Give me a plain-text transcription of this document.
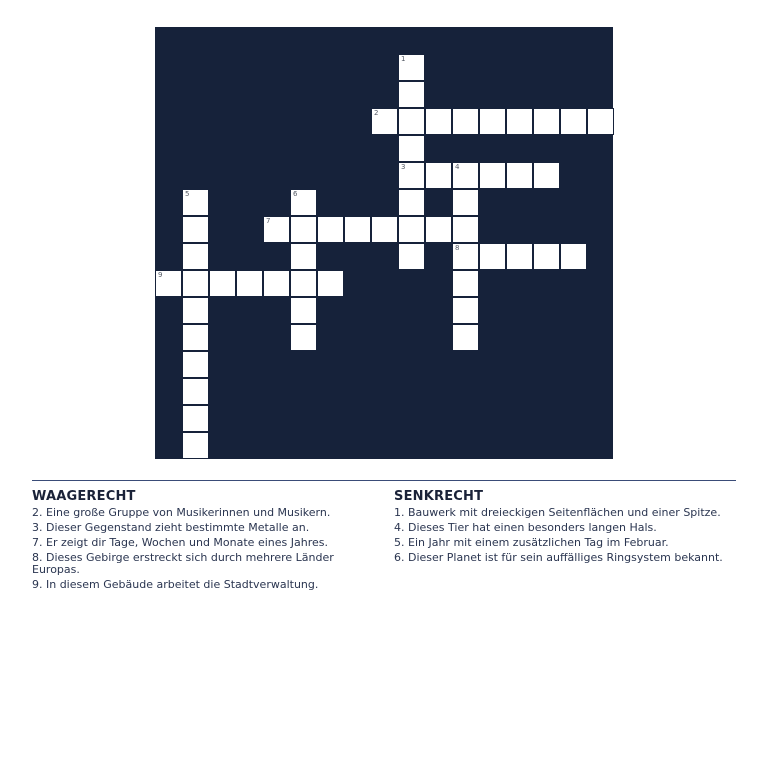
1
3
2
4
8
5	6
7
9
WAAGERECHT
2. Eine große Gruppe von Musikerinnen und Musikern.
3. Dieser Gegenstand zieht bestimmte Metalle an.
7. Er zeigt dir Tage, Wochen und Monate eines Jahres.
8. Dieses Gebirge erstreckt sich durch mehrere Länder Europas.
9. In diesem Gebäude arbeitet die Stadtverwaltung.
SENKRECHT
1. Bauwerk mit dreieckigen Seitenflächen und einer Spitze.
4. Dieses Tier hat einen besonders langen Hals.
5. Ein Jahr mit einem zusätzlichen Tag im Februar.
6. Dieser Planet ist für sein auffälliges Ringsystem bekannt.
